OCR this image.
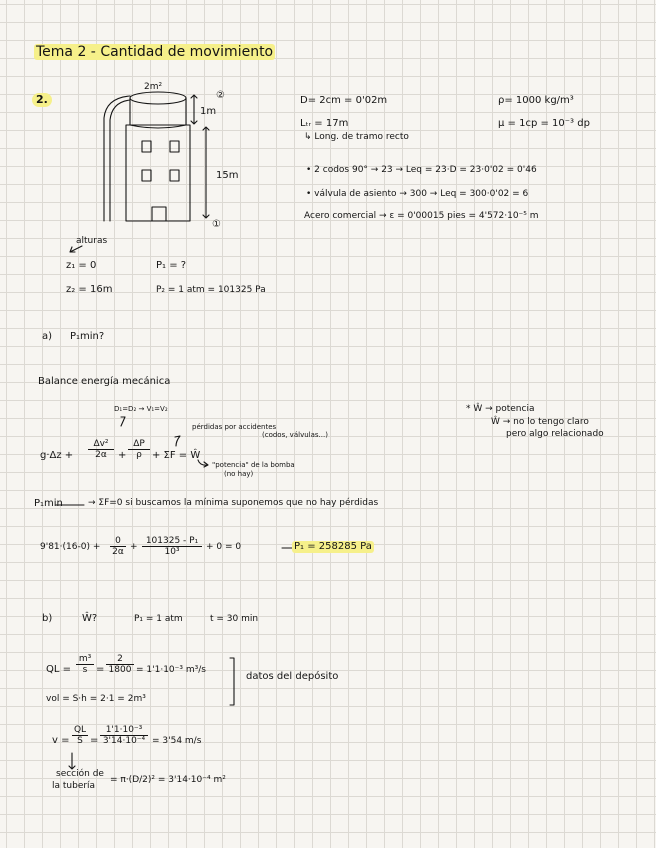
Tema 2 - Cantidad de movimiento
2.
2m²
1m
15m
②
①
D= 2cm = 0'02m	ρ= 1000 kg/m³
Lₜᵣ = 17m	μ = 1cp = 10⁻³ dp
↳ Long. de tramo recto
• 2 codos 90° → 23 → Leq = 23·D = 23·0'02 = 0'46
• válvula de asiento → 300 → Leq = 300·0'02 = 6
Acero comercial → ε = 0'00015 pies = 4'572·10⁻⁵ m
alturas
z₁ = 0	P₁ = ?
z₂ = 16m	P₂ = 1 atm = 101325 Pa
a) P₁min?
Balance energía mecánica
D₁=D₂ → V₁=V₂	* Ŵ → potencia
Ŵ → no lo tengo claro
pero algo relacionado
pérdidas por accidentes
(codos, válvulas...)
g·Δz +
Δv²
2α	+
ΔP
ρ	+ ΣF = Ŵ
"potencia" de la bomba
(no hay)
P₁min	→ ΣF=0 si buscamos la mínima suponemos que no hay pérdidas
9'81·(16-0) +
0
$2\alpha + \frac{\text{101325 - P₁}}{\text{10³}} + 0 = 0$	P₁ = 258285 Pa
b)	Ŵ?	P₁ = 1 atm	t = 30 min
QL =
m³
s =
2
1800 = 1'1·10⁻³ m³/s
datos del depósito
vol = S·h = 2·1 = 2m³
v =
QL
$S = \frac{\text{1'1·10⁻³}}{\text{3'14·10⁻⁴}} = 3'54$ m/s
sección de
la tubería
= π·(D/2)² = 3'14·10⁻⁴ m²
